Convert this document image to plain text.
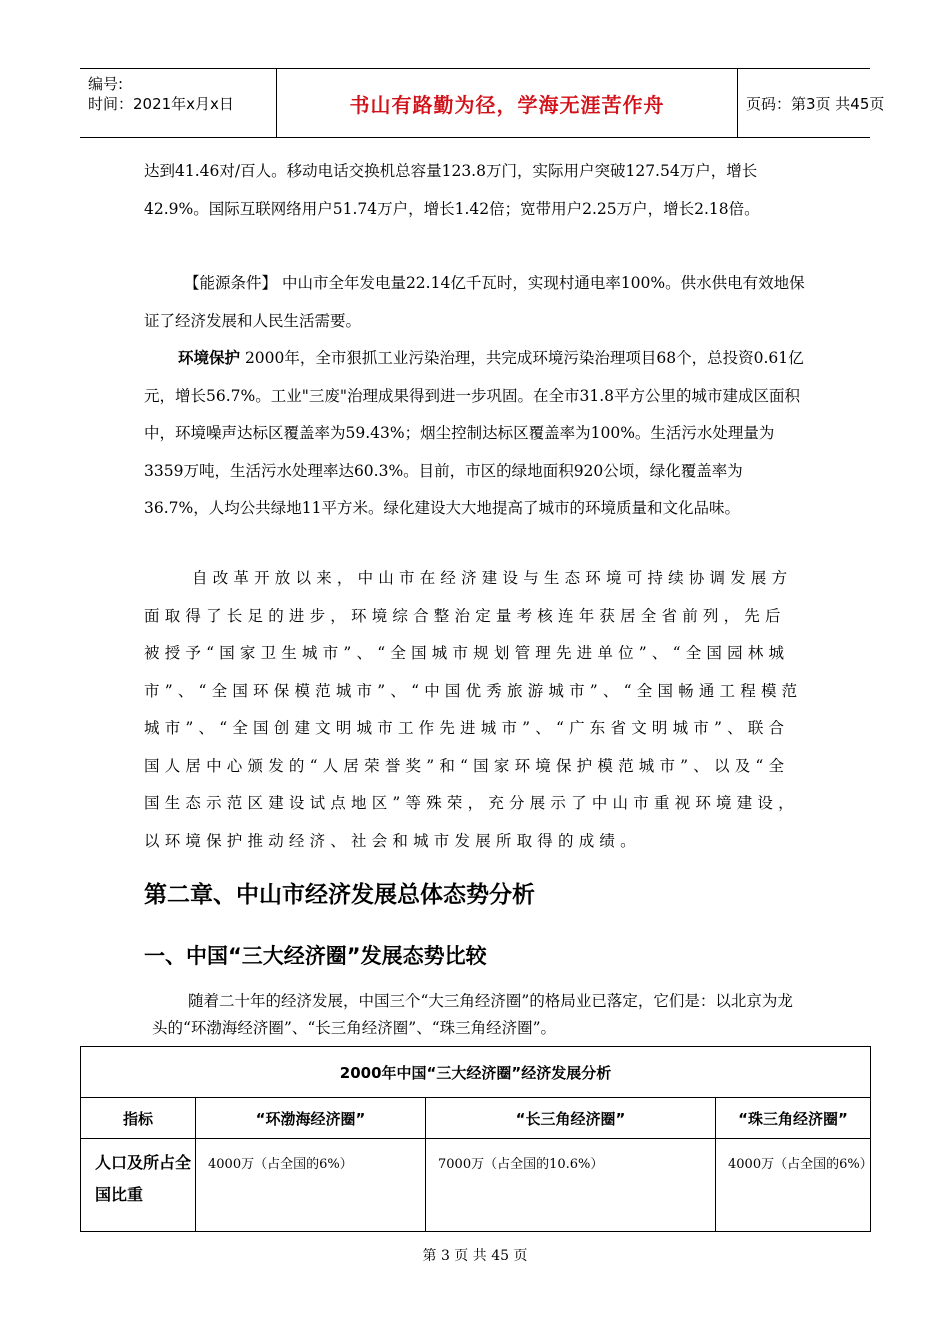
编号:
时间：2021年x月x日	书山有路勤为径，学海无涯苦作舟	页码：第3页 共45页

达到41.46对/百人。移动电话交换机总容量123.8万门，实际用户突破127.54万户，增长42.9%。国际互联网络用户51.74万户，增长1.42倍；宽带用户2.25万户，增长2.18倍。

【能源条件】 中山市全年发电量22.14亿千瓦时，实现村通电率100%。供水供电有效地保证了经济发展和人民生活需要。

环境保护 2000年，全市狠抓工业污染治理，共完成环境污染治理项目68个，总投资0.61亿元，增长56.7%。工业"三废"治理成果得到进一步巩固。在全市31.8平方公里的城市建成区面积中，环境噪声达标区覆盖率为59.43%；烟尘控制达标区覆盖率为100%。生活污水处理量为3359万吨，生活污水处理率达60.3%。目前，市区的绿地面积920公顷，绿化覆盖率为36.7%，人均公共绿地11平方米。绿化建设大大地提高了城市的环境质量和文化品味。

自改革开放以来，中山市在经济建设与生态环境可持续协调发展方面取得了长足的进步，环境综合整治定量考核连年获居全省前列，先后被授予“国家卫生城市”、“全国城市规划管理先进单位”、“全国园林城市”、“全国环保模范城市”、“中国优秀旅游城市”、“全国畅通工程模范城市”、“全国创建文明城市工作先进城市”、“广东省文明城市”、联合国人居中心颁发的“人居荣誉奖”和“国家环境保护模范城市”、以及“全国生态示范区建设试点地区”等殊荣，充分展示了中山市重视环境建设，以环境保护推动经济、社会和城市发展所取得的成绩。

第二章、中山市经济发展总体态势分析
一、中国“三大经济圈”发展态势比较
随着二十年的经济发展，中国三个“大三角经济圈”的格局业已落定，它们是：以北京为龙头的“环渤海经济圈”、“长三角经济圈”、“珠三角经济圈”。
2000年中国“三大经济圈”经济发展分析			
指标	“环渤海经济圈”	“长三角经济圈”	“珠三角经济圈”
人口及所占全国比重	4000万（占全国的6%）	7000万（占全国的10.6%）	4000万（占全国的6%）
第 3 页 共 45 页
